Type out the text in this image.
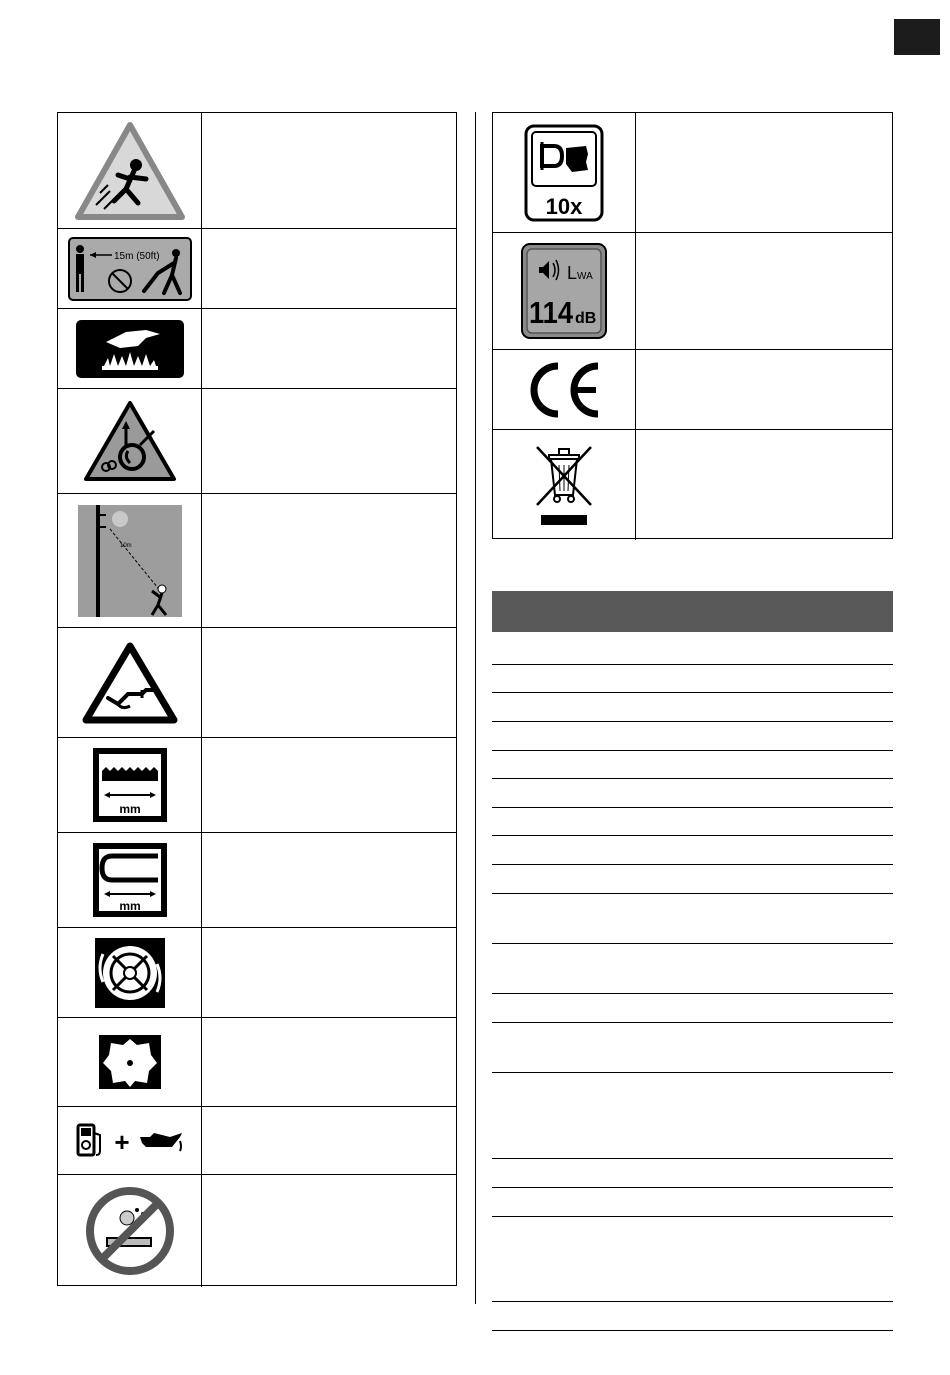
15m (50ft)
10m
mm
mm
+
10x
LWA
114 dB
